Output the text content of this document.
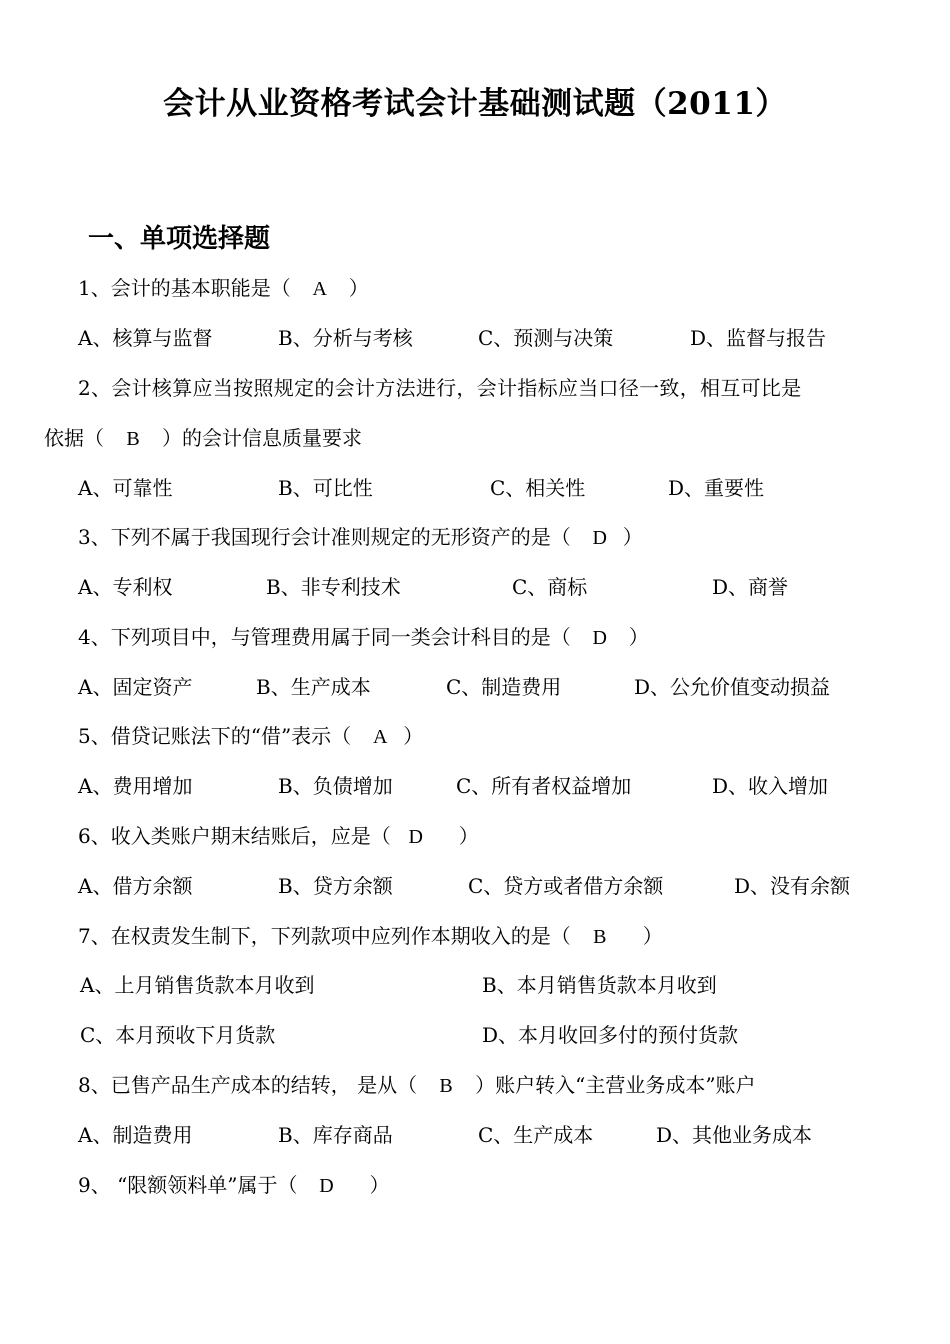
会计从业资格考试会计基础测试题（2011）
一、单项选择题
1、会计的基本职能是（ A ）
A、核算与监督	B、分析与考核	C、预测与决策	D、监督与报告
2、会计核算应当按照规定的会计方法进行，会计指标应当口径一致，相互可比是
依据（ B ）的会计信息质量要求
A、可靠性	B、可比性	C、相关性	D、重要性
3、下列不属于我国现行会计准则规定的无形资产的是（ D ）
A、专利权	B、非专利技术	C、商标	D、商誉
4、下列项目中，与管理费用属于同一类会计科目的是（ D ）
A、固定资产	B、生产成本	C、制造费用	D、公允价值变动损益
5、借贷记账法下的“借”表示（ A ）
A、费用增加	B、负债增加	C、所有者权益增加	D、收入增加
6、收入类账户期末结账后，应是（ D ）
A、借方余额	B、贷方余额	C、贷方或者借方余额	D、没有余额
7、在权责发生制下，下列款项中应列作本期收入的是（ B ）
A、上月销售货款本月收到	B、本月销售货款本月收到
C、本月预收下月货款	D、本月收回多付的预付货款
8、已售产品生产成本的结转， 是从（ B ）账户转入“主营业务成本”账户
A、制造费用	B、库存商品	C、生产成本	D、其他业务成本
9、 “限额领料单”属于（ D ）
